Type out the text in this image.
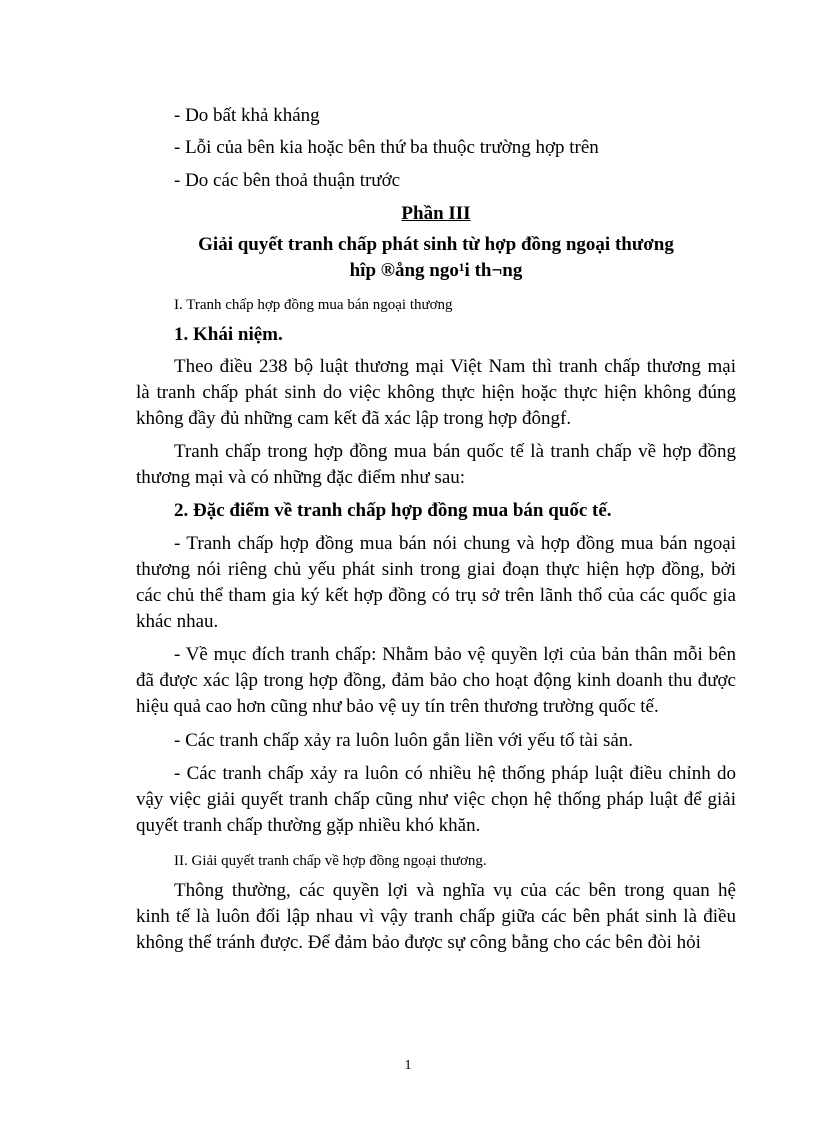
- Do bất khả kháng
- Lỗi của bên kia hoặc bên thứ ba thuộc trường hợp trên
- Do các bên thoả thuận trước
Phần III
Giải quyết tranh chấp phát sinh từ hợp đồng ngoại thương
hîp ®ång ngo¹i th¬ng
I. Tranh chấp hợp đồng mua bán ngoại thương
1. Khái niệm.
Theo điều 238 bộ luật thương mại Việt Nam thì tranh chấp thương mại
là tranh chấp phát sinh do việc không thực hiện hoặc thực hiện không đúng
không đầy đủ những cam kết đã xác lập trong hợp đôngf.
Tranh chấp trong hợp đồng mua bán quốc tế là tranh chấp về hợp đồng
thương mại và có những đặc điểm như sau:
2. Đặc điểm về tranh chấp hợp đồng mua bán quốc tế.
- Tranh chấp hợp đồng mua bán nói chung và hợp đồng mua bán ngoại
thương nói riêng chủ yếu phát sinh trong giai đoạn thực hiện hợp đồng, bởi
các chủ thể tham gia ký kết hợp đồng có trụ sở trên lãnh thổ của các quốc gia
khác nhau.
- Về mục đích tranh chấp: Nhằm bảo vệ quyền lợi của bản thân mỗi bên
đã được xác lập trong hợp đồng, đảm bảo cho hoạt động kinh doanh thu được
hiệu quả cao hơn cũng như bảo vệ uy tín trên thương trường quốc tế.
- Các tranh chấp xảy ra luôn luôn gắn liền với yếu tố tài sản.
- Các tranh chấp xảy ra luôn có nhiều hệ thống pháp luật điều chỉnh do
vậy việc giải quyết tranh chấp cũng như việc chọn hệ thống pháp luật để giải
quyết tranh chấp thường gặp nhiều khó khăn.
II. Giải quyết tranh chấp về hợp đồng ngoại thương.
Thông thường, các quyền lợi và nghĩa vụ của các bên trong quan hệ
kinh tế là luôn đối lập nhau vì vậy tranh chấp giữa các bên phát sinh là điều
không thể tránh được. Để đảm bảo được sự công bằng cho các bên đòi hỏi
1
